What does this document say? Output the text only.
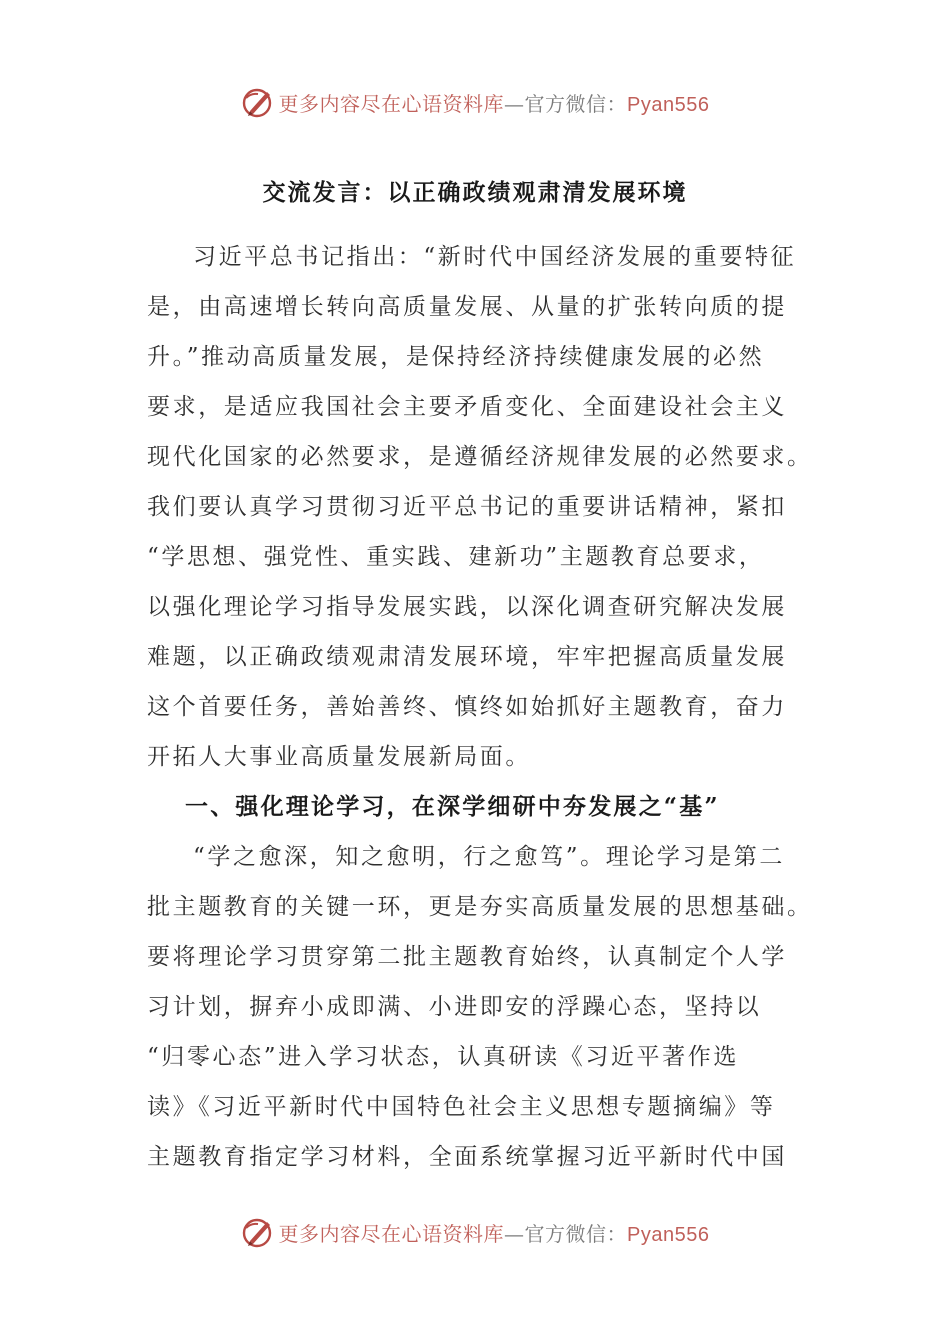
更多内容尽在心语资料库—官方微信：Pyan556
交流发言：以正确政绩观肃清发展环境
习近平总书记指出：“新时代中国经济发展的重要特征
是，由高速增长转向高质量发展、从量的扩张转向质的提
升。”推动高质量发展，是保持经济持续健康发展的必然
要求，是适应我国社会主要矛盾变化、全面建设社会主义
现代化国家的必然要求，是遵循经济规律发展的必然要求。
我们要认真学习贯彻习近平总书记的重要讲话精神，紧扣
“学思想、强党性、重实践、建新功”主题教育总要求，
以强化理论学习指导发展实践，以深化调查研究解决发展
难题，以正确政绩观肃清发展环境，牢牢把握高质量发展
这个首要任务，善始善终、慎终如始抓好主题教育，奋力
开拓人大事业高质量发展新局面。
一、强化理论学习，在深学细研中夯发展之“基”
“学之愈深，知之愈明，行之愈笃”。理论学习是第二
批主题教育的关键一环，更是夯实高质量发展的思想基础。
要将理论学习贯穿第二批主题教育始终，认真制定个人学
习计划，摒弃小成即满、小进即安的浮躁心态，坚持以
“归零心态”进入学习状态，认真研读《习近平著作选
读》《习近平新时代中国特色社会主义思想专题摘编》等
主题教育指定学习材料，全面系统掌握习近平新时代中国
更多内容尽在心语资料库—官方微信：Pyan556
